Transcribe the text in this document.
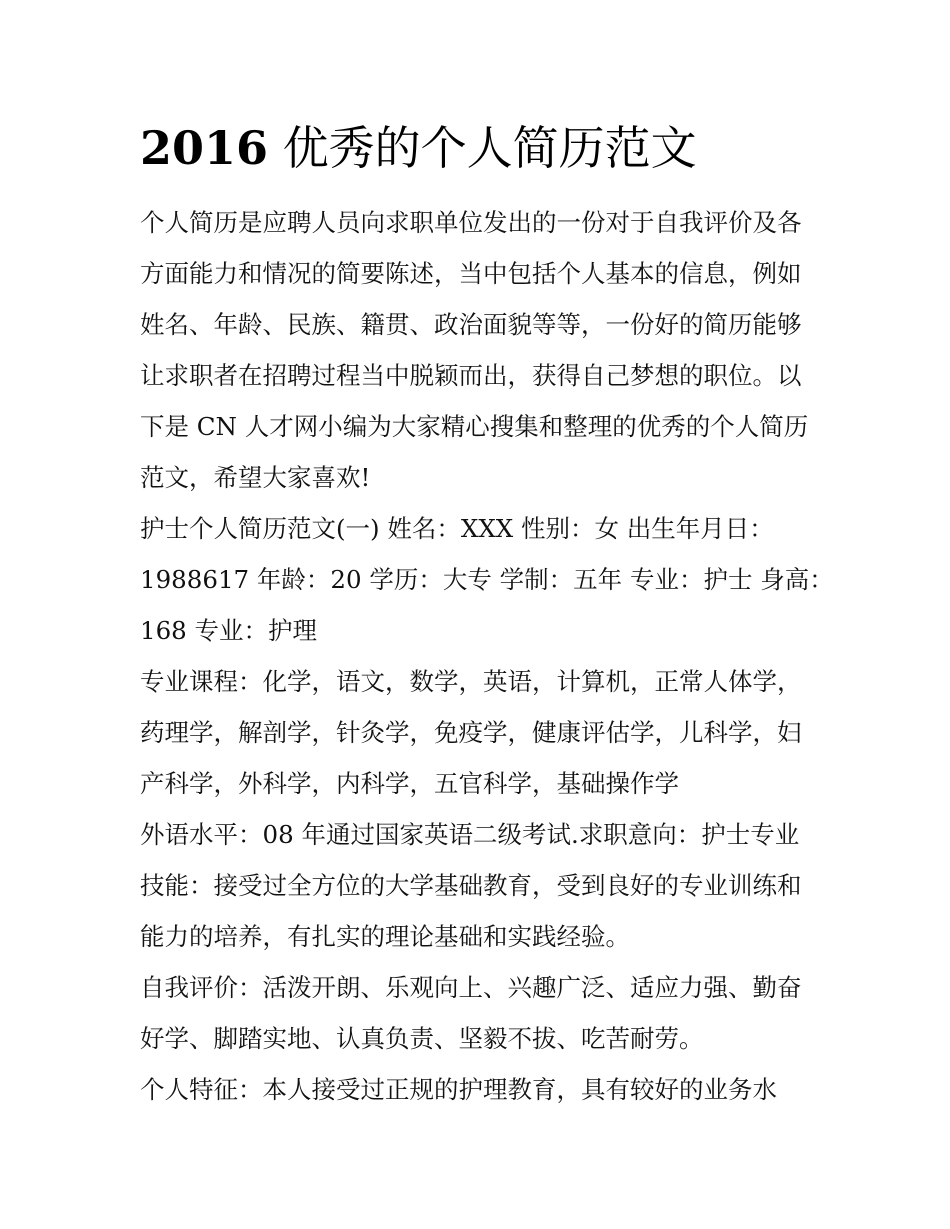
2016 优秀的个人简历范文
个人简历是应聘人员向求职单位发出的一份对于自我评价及各
方面能力和情况的简要陈述，当中包括个人基本的信息，例如
姓名、年龄、民族、籍贯、政治面貌等等，一份好的简历能够
让求职者在招聘过程当中脱颖而出，获得自己梦想的职位。以
下是 CN 人才网小编为大家精心搜集和整理的优秀的个人简历
范文，希望大家喜欢!
护士个人简历范文(一) 姓名：XXX 性别：女 出生年月日：
1988617 年龄：20 学历：大专 学制：五年 专业：护士 身高：
168 专业：护理
专业课程：化学，语文，数学，英语，计算机，正常人体学，
药理学，解剖学，针灸学，免疫学，健康评估学，儿科学，妇
产科学，外科学，内科学，五官科学，基础操作学
外语水平：08 年通过国家英语二级考试.求职意向：护士专业
技能：接受过全方位的大学基础教育，受到良好的专业训练和
能力的培养，有扎实的理论基础和实践经验。
自我评价：活泼开朗、乐观向上、兴趣广泛、适应力强、勤奋
好学、脚踏实地、认真负责、坚毅不拔、吃苦耐劳。
个人特征：本人接受过正规的护理教育，具有较好的业务水
